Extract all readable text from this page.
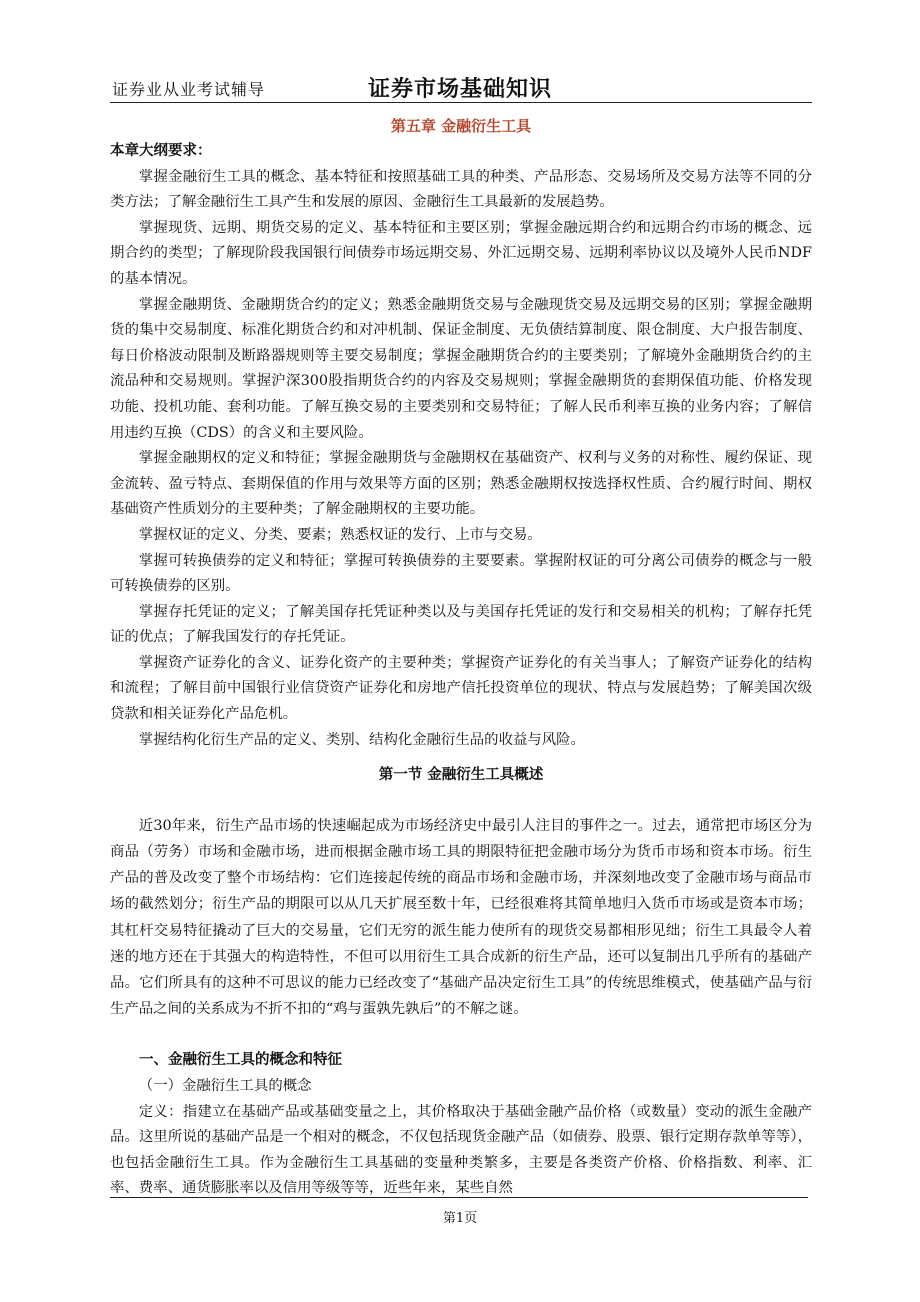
证券业从业考试辅导	证券市场基础知识
第五章 金融衍生工具
本章大纲要求：

掌握金融衍生工具的概念、基本特征和按照基础工具的种类、产品形态、交易场所及交易方法等不同的分类方法；了解金融衍生工具产生和发展的原因、金融衍生工具最新的发展趋势。

掌握现货、远期、期货交易的定义、基本特征和主要区别；掌握金融远期合约和远期合约市场的概念、远期合约的类型；了解现阶段我国银行间债券市场远期交易、外汇远期交易、远期利率协议以及境外人民币NDF的基本情况。

掌握金融期货、金融期货合约的定义；熟悉金融期货交易与金融现货交易及远期交易的区别；掌握金融期货的集中交易制度、标准化期货合约和对冲机制、保证金制度、无负债结算制度、限仓制度、大户报告制度、每日价格波动限制及断路器规则等主要交易制度；掌握金融期货合约的主要类别；了解境外金融期货合约的主流品种和交易规则。掌握沪深300股指期货合约的内容及交易规则；掌握金融期货的套期保值功能、价格发现功能、投机功能、套利功能。了解互换交易的主要类别和交易特征；了解人民币利率互换的业务内容；了解信用违约互换（CDS）的含义和主要风险。

掌握金融期权的定义和特征；掌握金融期货与金融期权在基础资产、权利与义务的对称性、履约保证、现金流转、盈亏特点、套期保值的作用与效果等方面的区别；熟悉金融期权按选择权性质、合约履行时间、期权基础资产性质划分的主要种类；了解金融期权的主要功能。

掌握权证的定义、分类、要素；熟悉权证的发行、上市与交易。

掌握可转换债券的定义和特征；掌握可转换债券的主要要素。掌握附权证的可分离公司债券的概念与一般可转换债券的区别。

掌握存托凭证的定义；了解美国存托凭证种类以及与美国存托凭证的发行和交易相关的机构；了解存托凭证的优点；了解我国发行的存托凭证。

掌握资产证券化的含义、证券化资产的主要种类；掌握资产证券化的有关当事人；了解资产证券化的结构和流程；了解目前中国银行业信贷资产证券化和房地产信托投资单位的现状、特点与发展趋势；了解美国次级贷款和相关证券化产品危机。

掌握结构化衍生产品的定义、类别、结构化金融衍生品的收益与风险。

第一节 金融衍生工具概述

近30年来，衍生产品市场的快速崛起成为市场经济史中最引人注目的事件之一。过去，通常把市场区分为商品（劳务）市场和金融市场，进而根据金融市场工具的期限特征把金融市场分为货币市场和资本市场。衍生产品的普及改变了整个市场结构：它们连接起传统的商品市场和金融市场，并深刻地改变了金融市场与商品市场的截然划分；衍生产品的期限可以从几天扩展至数十年，已经很难将其简单地归入货币市场或是资本市场；其杠杆交易特征撬动了巨大的交易量，它们无穷的派生能力使所有的现货交易都相形见绌；衍生工具最令人着迷的地方还在于其强大的构造特性，不但可以用衍生工具合成新的衍生产品，还可以复制出几乎所有的基础产品。它们所具有的这种不可思议的能力已经改变了“基础产品决定衍生工具”的传统思维模式，使基础产品与衍生产品之间的关系成为不折不扣的“鸡与蛋孰先孰后”的不解之谜。

一、金融衍生工具的概念和特征

（一）金融衍生工具的概念

定义：指建立在基础产品或基础变量之上，其价格取决于基础金融产品价格（或数量）变动的派生金融产品。这里所说的基础产品是一个相对的概念，不仅包括现货金融产品（如债券、股票、银行定期存款单等等），也包括金融衍生工具。作为金融衍生工具基础的变量种类繁多，主要是各类资产价格、价格指数、利率、汇率、费率、通货膨胀率以及信用等级等等，近些年来，某些自然

第1页
